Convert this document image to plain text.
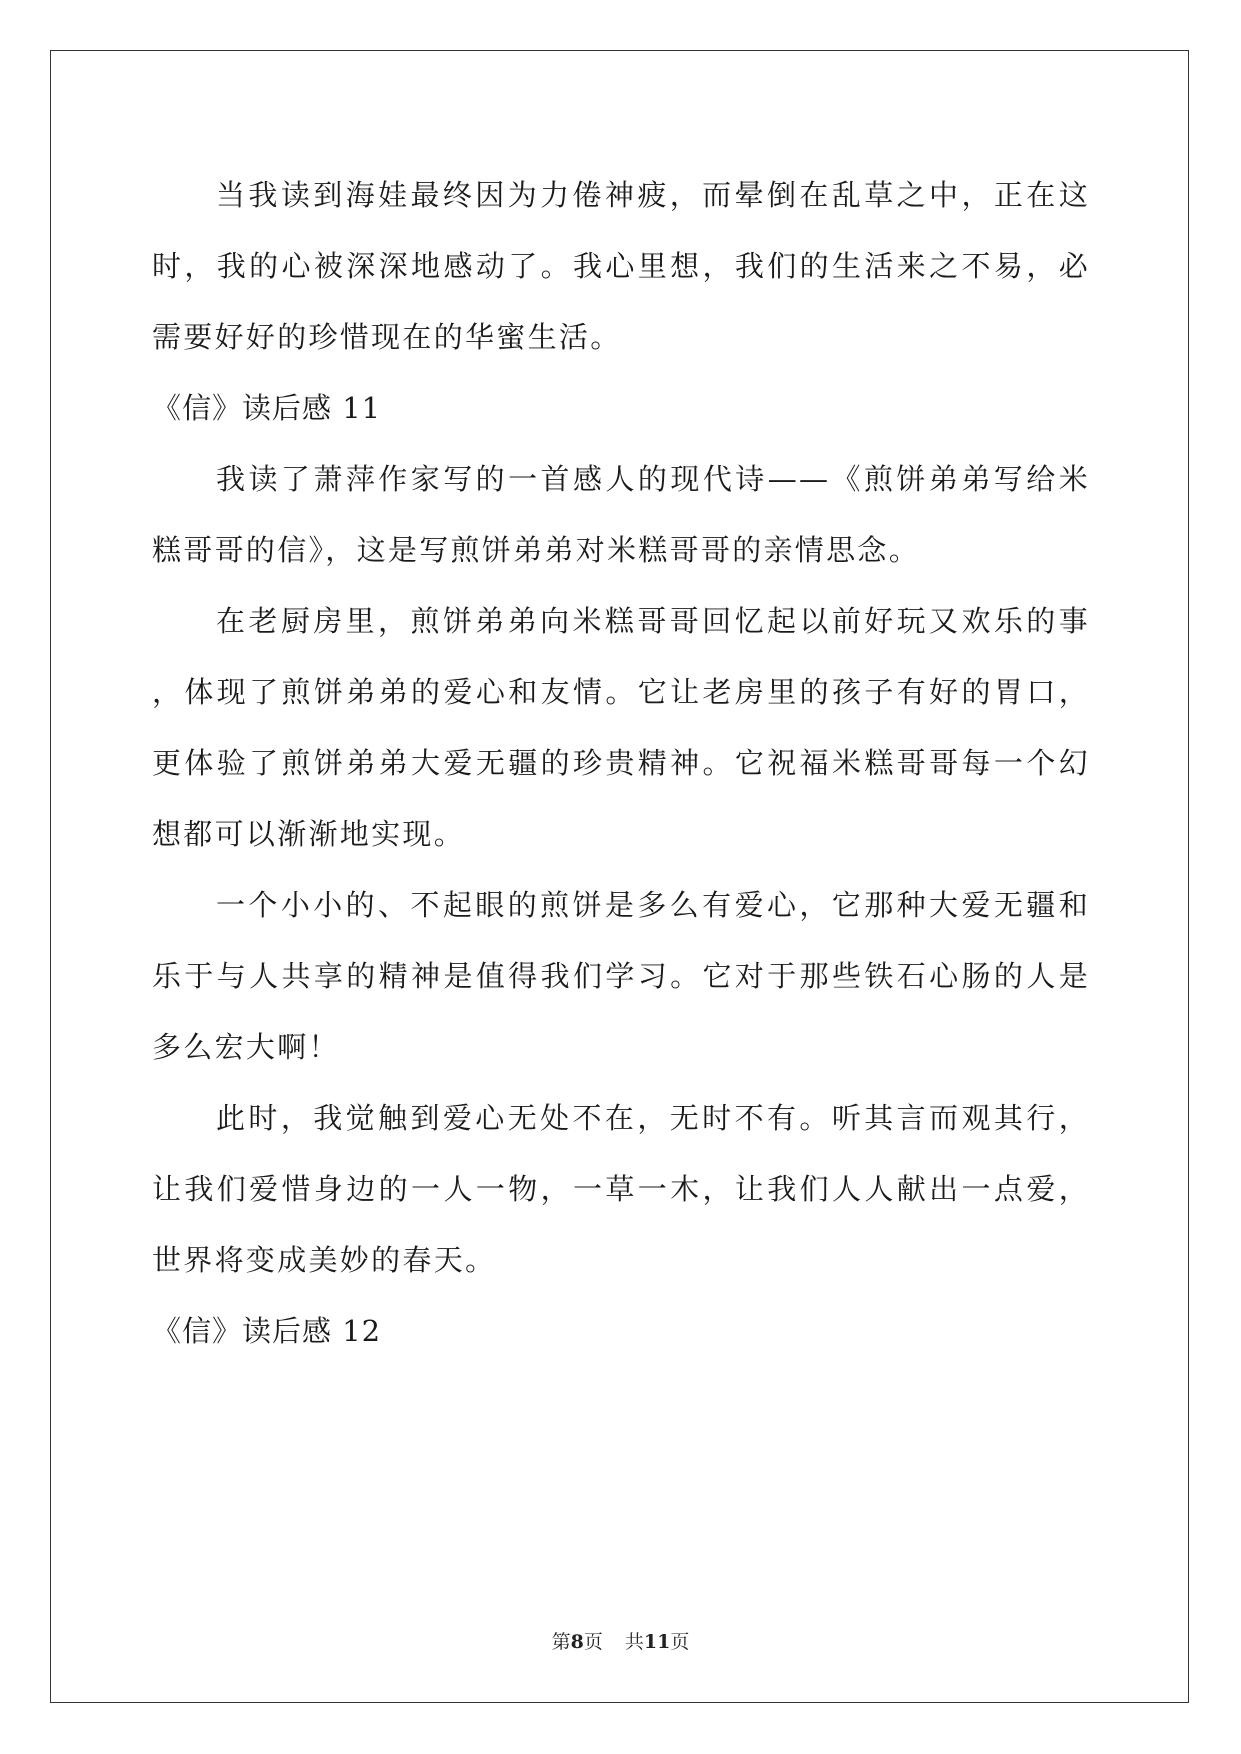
当我读到海娃最终因为力倦神疲，而晕倒在乱草之中，正在这时，我的心被深深地感动了。我心里想，我们的生活来之不易，必需要好好的珍惜现在的华蜜生活。

《信》读后感 11

我读了萧萍作家写的一首感人的现代诗——《煎饼弟弟写给米糕哥哥的信》，这是写煎饼弟弟对米糕哥哥的亲情思念。

在老厨房里，煎饼弟弟向米糕哥哥回忆起以前好玩又欢乐的事，体现了煎饼弟弟的爱心和友情。它让老房里的孩子有好的胃口，更体验了煎饼弟弟大爱无疆的珍贵精神。它祝福米糕哥哥每一个幻想都可以渐渐地实现。

一个小小的、不起眼的煎饼是多么有爱心，它那种大爱无疆和乐于与人共享的精神是值得我们学习。它对于那些铁石心肠的人是多么宏大啊！

此时，我觉触到爱心无处不在，无时不有。听其言而观其行，让我们爱惜身边的一人一物，一草一木，让我们人人献出一点爱，世界将变成美妙的春天。

《信》读后感 12

第8页 共11页
